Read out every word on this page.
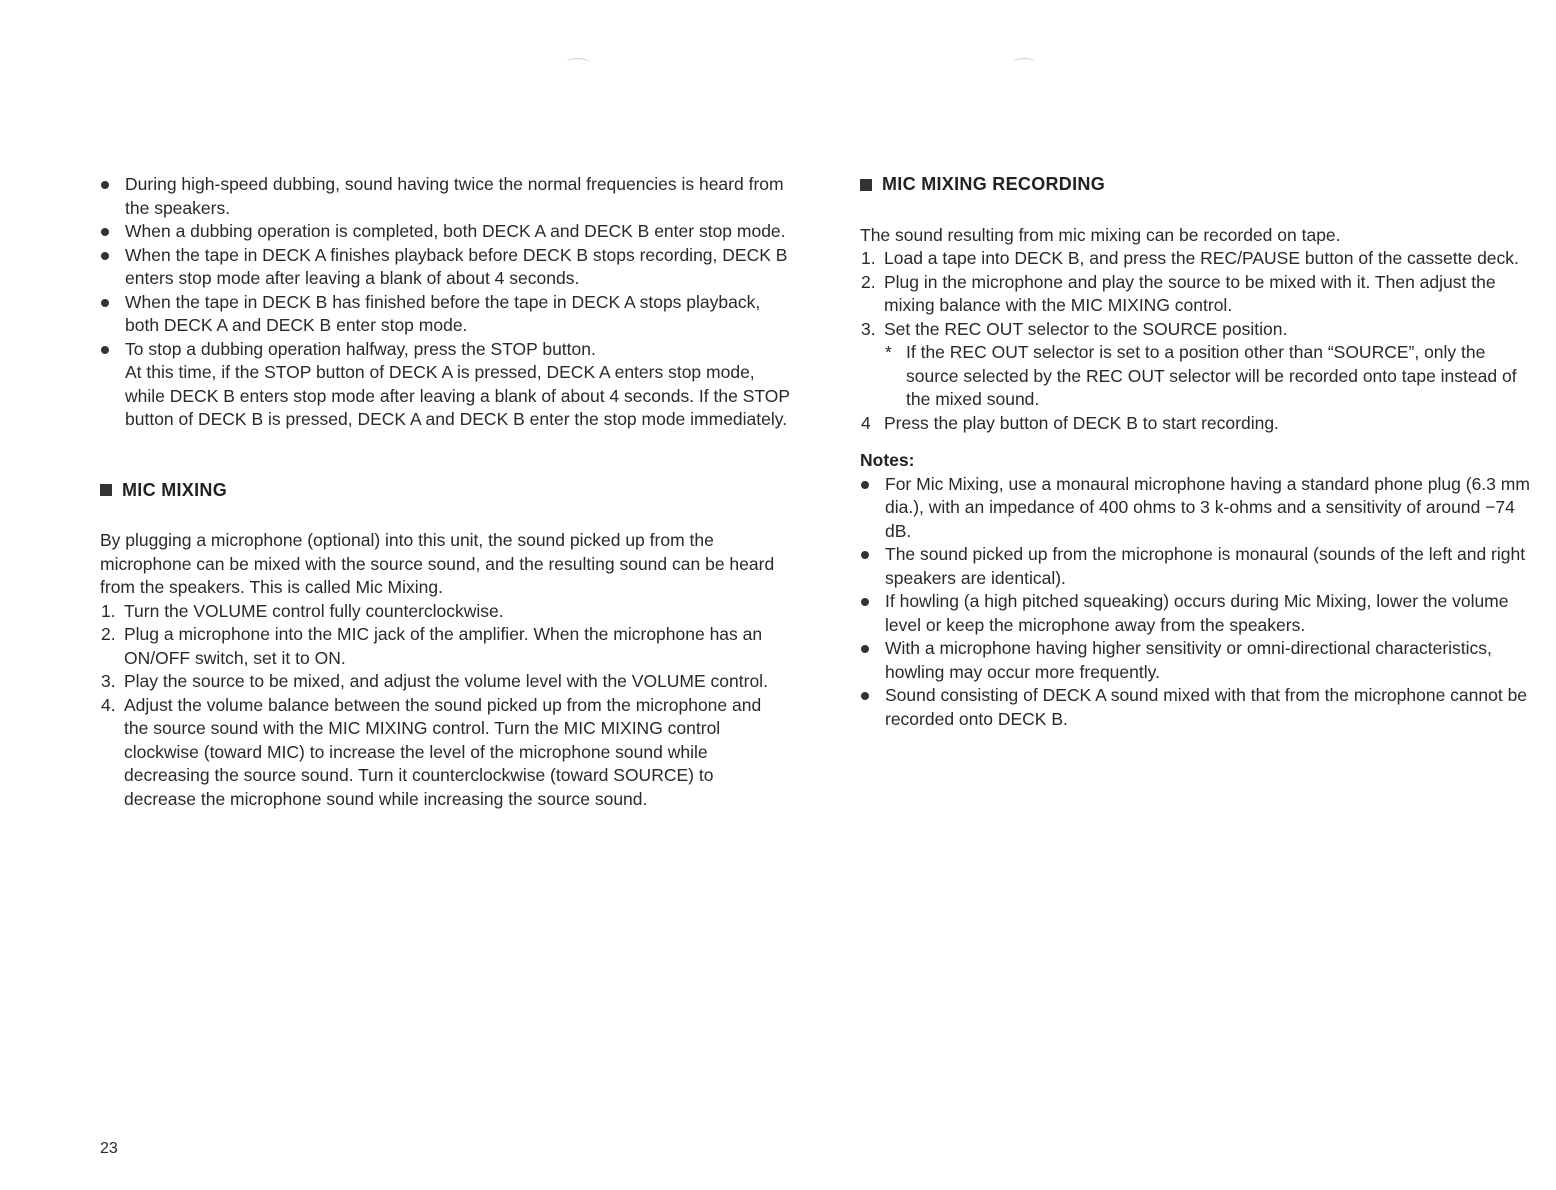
During high-speed dubbing, sound having twice the normal frequencies is heard from the speakers.
When a dubbing operation is completed, both DECK A and DECK B enter stop mode.
When the tape in DECK A finishes playback before DECK B stops recording, DECK B enters stop mode after leaving a blank of about 4 seconds.
When the tape in DECK B has finished before the tape in DECK A stops playback, both DECK A and DECK B enter stop mode.
To stop a dubbing operation halfway, press the STOP button.
At this time, if the STOP button of DECK A is pressed, DECK A enters stop mode, while DECK B enters stop mode after leaving a blank of about 4 seconds. If the STOP button of DECK B is pressed, DECK A and DECK B enter the stop mode immediately.
MIC MIXING

By plugging a microphone (optional) into this unit, the sound picked up from the microphone can be mixed with the source sound, and the resulting sound can be heard from the speakers. This is called Mic Mixing.

1. Turn the VOLUME control fully counterclockwise.
2. Plug a microphone into the MIC jack of the amplifier. When the microphone has an ON/OFF switch, set it to ON.
3. Play the source to be mixed, and adjust the volume level with the VOLUME control.
4. Adjust the volume balance between the sound picked up from the microphone and the source sound with the MIC MIXING control. Turn the MIC MIXING control clockwise (toward MIC) to increase the level of the microphone sound while decreasing the source sound. Turn it counterclockwise (toward SOURCE) to decrease the microphone sound while increasing the source sound.
MIC MIXING RECORDING

The sound resulting from mic mixing can be recorded on tape.

1. Load a tape into DECK B, and press the REC/PAUSE button of the cassette deck.
2. Plug in the microphone and play the source to be mixed with it. Then adjust the mixing balance with the MIC MIXING control.
3. Set the REC OUT selector to the SOURCE position.
* If the REC OUT selector is set to a position other than “SOURCE”, only the source selected by the REC OUT selector will be recorded onto tape instead of the mixed sound.
4 Press the play button of DECK B to start recording.

Notes:

For Mic Mixing, use a monaural microphone having a standard phone plug (6.3 mm dia.), with an impedance of 400 ohms to 3 k-ohms and a sensitivity of around −74 dB.
The sound picked up from the microphone is monaural (sounds of the left and right speakers are identical).
If howling (a high pitched squeaking) occurs during Mic Mixing, lower the volume level or keep the microphone away from the speakers.
With a microphone having higher sensitivity or omni-directional characteristics, howling may occur more frequently.
Sound consisting of DECK A sound mixed with that from the microphone cannot be recorded onto DECK B.
23
